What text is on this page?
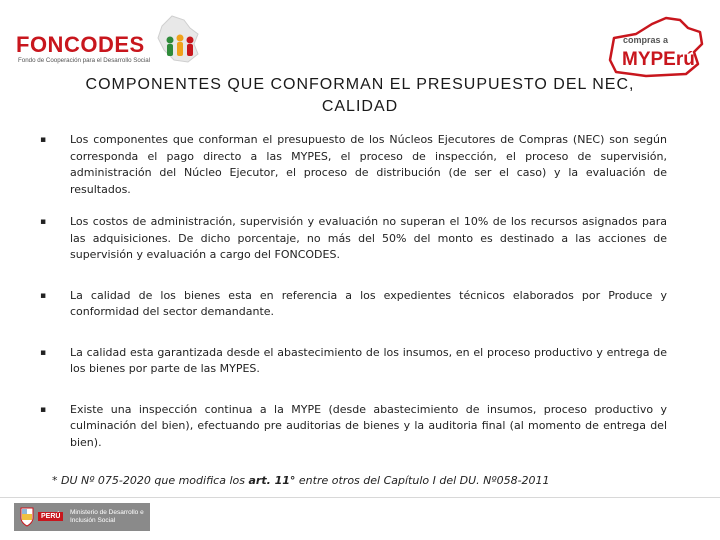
FONCODES
Fondo de Cooperación para el Desarrollo Social
compras a
MYPErú
COMPONENTES QUE CONFORMAN EL PRESUPUESTO DEL NEC,
CALIDAD
▪ Los componentes que conforman el presupuesto de los Núcleos Ejecutores de Compras (NEC) son según corresponda el pago directo a las MYPES, el proceso de inspección, el proceso de supervisión, administración del Núcleo Ejecutor, el proceso de distribución (de ser el caso) y la evaluación de resultados.
▪ Los costos de administración, supervisión y evaluación no superan el 10% de los recursos asignados para las adquisiciones. De dicho porcentaje, no más del 50% del monto es destinado a las acciones de supervisión y evaluación a cargo del FONCODES.
▪ La calidad de los bienes esta en referencia a los expedientes técnicos elaborados por Produce y conformidad del sector demandante.
▪ La calidad esta garantizada desde el abastecimiento de los insumos, en el proceso productivo y entrega de los bienes por parte de las MYPES.
▪ Existe una inspección continua a la MYPE (desde abastecimiento de insumos, proceso productivo y culminación del bien), efectuando pre auditorias de bienes y la auditoria final (al momento de entrega del bien).
* DU Nº 075-2020 que modifica los art. 11° entre otros del Capítulo I del DU. Nº058-2011
PERÚ
Ministerio de Desarrollo e Inclusión Social
